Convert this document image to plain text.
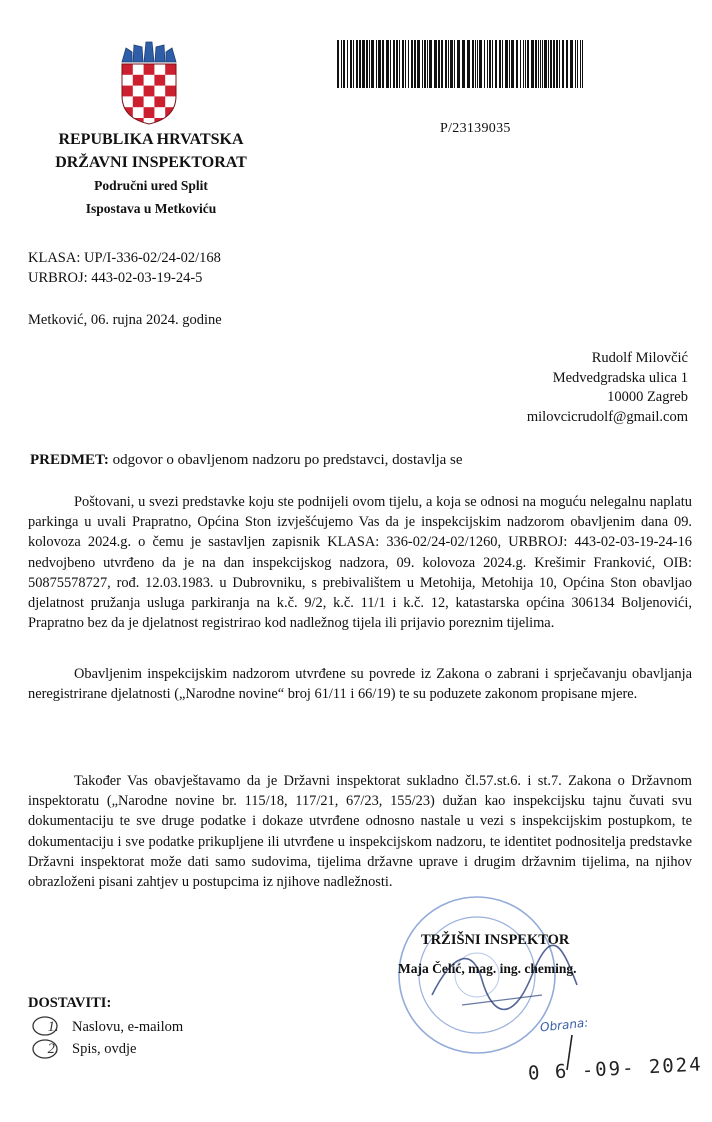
P/23139035
REPUBLIKA HRVATSKA
DRŽAVNI INSPEKTORAT
Područni ured Split
Ispostava u Metkoviću
KLASA: UP/I-336-02/24-02/168
URBROJ: 443-02-03-19-24-5
Metković, 06. rujna 2024. godine
Rudolf Milovčić
Medvedgradska ulica 1
10000 Zagreb
milovcicrudolf@gmail.com
PREDMET: odgovor o obavljenom nadzoru po predstavci, dostavlja se
Poštovani, u svezi predstavke koju ste podnijeli ovom tijelu, a koja se odnosi na moguću nelegalnu naplatu parkinga u uvali Prapratno, Općina Ston izvješćujemo Vas da je inspekcijskim nadzorom obavljenim dana 09. kolovoza 2024.g. o čemu je sastavljen zapisnik KLASA: 336-02/24-02/1260, URBROJ: 443-02-03-19-24-16 nedvojbeno utvrđeno da je na dan inspekcijskog nadzora, 09. kolovoza 2024.g. Krešimir Franković, OIB: 50875578727, rođ. 12.03.1983. u Dubrovniku, s prebivalištem u Metohija, Metohija 10, Općina Ston obavljao djelatnost pružanja usluga parkiranja na k.č. 9/2, k.č. 11/1 i k.č. 12, katastarska općina 306134 Boljenovići, Prapratno bez da je djelatnost registrirao kod nadležnog tijela ili prijavio poreznim tijelima.
Obavljenim inspekcijskim nadzorom utvrđene su povrede iz Zakona o zabrani i sprječavanju obavljanja neregistrirane djelatnosti („Narodne novine“ broj 61/11 i 66/19) te su poduzete zakonom propisane mjere.
Također Vas obavještavamo da je Državni inspektorat sukladno čl.57.st.6. i st.7. Zakona o Državnom inspektoratu („Narodne novine br. 115/18, 117/21, 67/23, 155/23) dužan kao inspekcijsku tajnu čuvati svu dokumentaciju te sve druge podatke i dokaze utvrđene odnosno nastale u vezi s inspekcijskim postupkom, te dokumentaciju i sve podatke prikupljene ili utvrđene u inspekcijskom nadzoru, te identitet podnositelja predstavke Državni inspektorat može dati samo sudovima, tijelima državne uprave i drugim državnim tijelima, na njihov obrazloženi pisani zahtjev u postupcima iz njihove nadležnosti.
TRŽIŠNI INSPEKTOR
Maja Čelić, mag. ing. cheming.
DOSTAVITI:
1. Naslovu, e-mailom
2. Spis, ovdje
Obrana:
0 6 -09- 2024
